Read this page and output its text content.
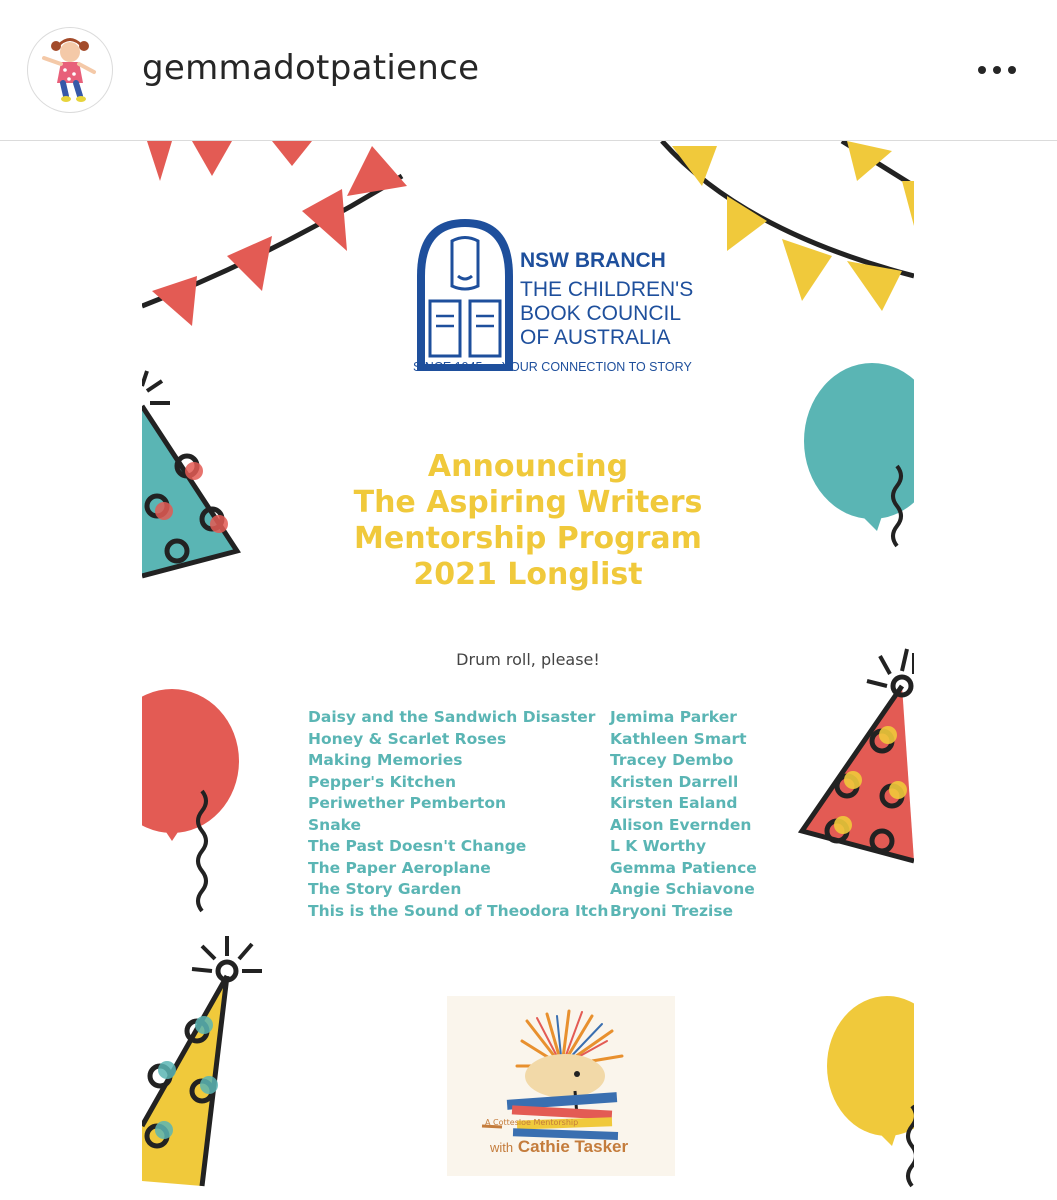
gemmadotpatience
NSW BRANCH
THE CHILDREN'S
BOOK COUNCIL
OF AUSTRALIA
SINCE 1945 — YOUR CONNECTION TO STORY
Announcing
The Aspiring Writers
Mentorship Program
2021 Longlist
Drum roll, please!
Daisy and the Sandwich Disaster
Honey & Scarlet Roses
Making Memories
Pepper's Kitchen
Periwether Pemberton
Snake
The Past Doesn't Change
The Paper Aeroplane
The Story Garden
This is the Sound of Theodora Itch
Jemima Parker
Kathleen Smart
Tracey Dembo
Kristen Darrell
Kirsten Ealand
Alison Evernden
L K Worthy
Gemma Patience
Angie Schiavone
Bryoni Trezise
A Cottesloe Mentorship
with Cathie Tasker
